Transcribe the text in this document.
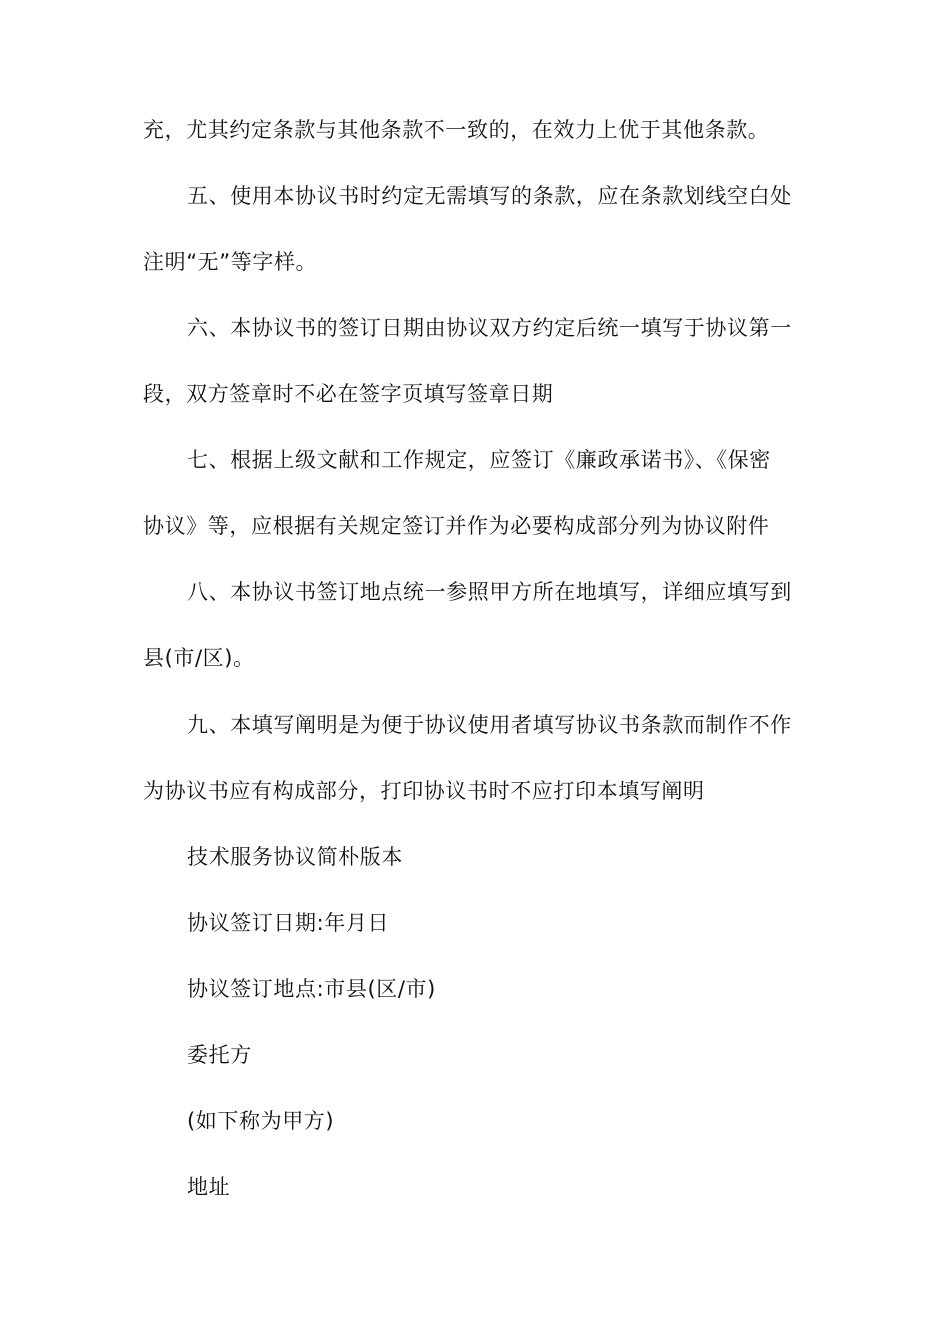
充，尤其约定条款与其他条款不一致的，在效力上优于其他条款。
五、使用本协议书时约定无需填写的条款，应在条款划线空白处
注明“无”等字样。
六、本协议书的签订日期由协议双方约定后统一填写于协议第一
段，双方签章时不必在签字页填写签章日期
七、根据上级文献和工作规定，应签订《廉政承诺书》、《保密
协议》等，应根据有关规定签订并作为必要构成部分列为协议附件
八、本协议书签订地点统一参照甲方所在地填写，详细应填写到
县(市/区)。
九、本填写阐明是为便于协议使用者填写协议书条款而制作不作
为协议书应有构成部分，打印协议书时不应打印本填写阐明
技术服务协议简朴版本
协议签订日期:年月日
协议签订地点:市县(区/市)
委托方
(如下称为甲方)
地址
